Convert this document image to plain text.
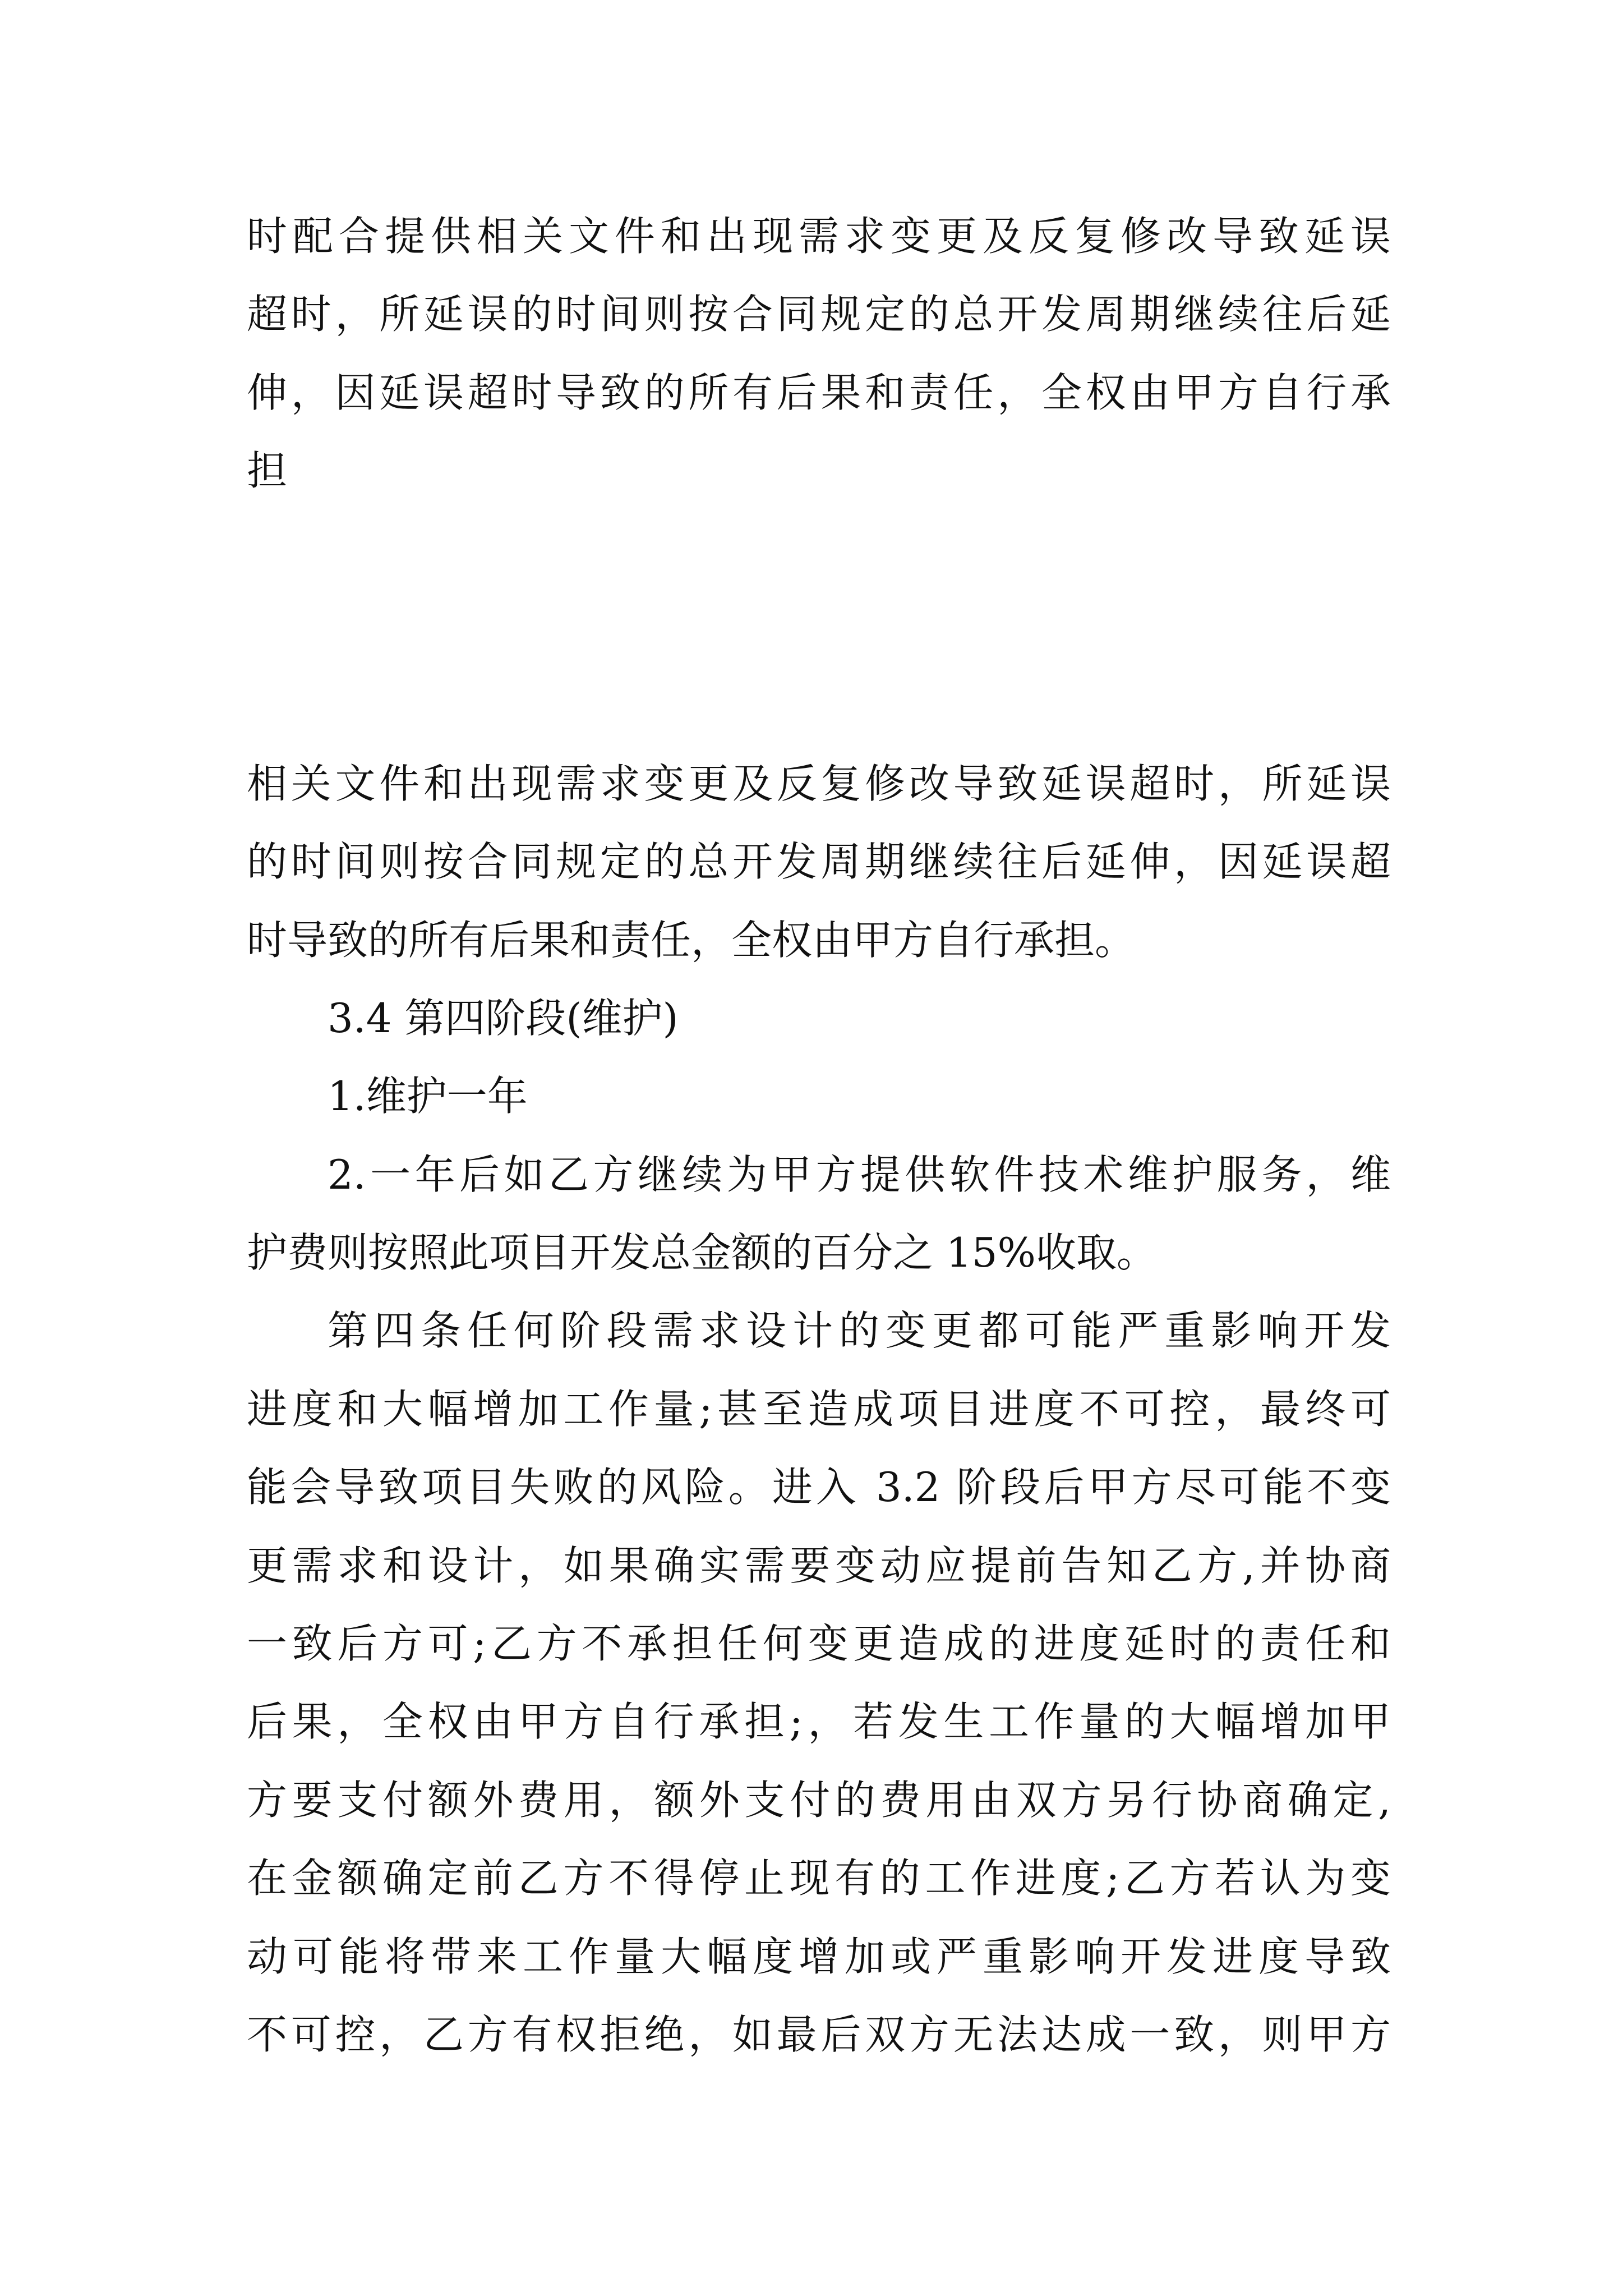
时配合提供相关文件和出现需求变更及反复修改导致延误
超时，所延误的时间则按合同规定的总开发周期继续往后延
伸，因延误超时导致的所有后果和责任，全权由甲方自行承
担

相关文件和出现需求变更及反复修改导致延误超时，所延误
的时间则按合同规定的总开发周期继续往后延伸，因延误超
时导致的所有后果和责任，全权由甲方自行承担。
3.4 第四阶段(维护)
1.维护一年
2.一年后如乙方继续为甲方提供软件技术维护服务，维
护费则按照此项目开发总金额的百分之 15%收取。
第四条任何阶段需求设计的变更都可能严重影响开发
进度和大幅增加工作量;甚至造成项目进度不可控，最终可
能会导致项目失败的风险。进入 3.2 阶段后甲方尽可能不变
更需求和设计，如果确实需要变动应提前告知乙方,并协商
一致后方可;乙方不承担任何变更造成的进度延时的责任和
后果，全权由甲方自行承担;，若发生工作量的大幅增加甲
方要支付额外费用，额外支付的费用由双方另行协商确定,
在金额确定前乙方不得停止现有的工作进度;乙方若认为变
动可能将带来工作量大幅度增加或严重影响开发进度导致
不可控，乙方有权拒绝，如最后双方无法达成一致，则甲方
